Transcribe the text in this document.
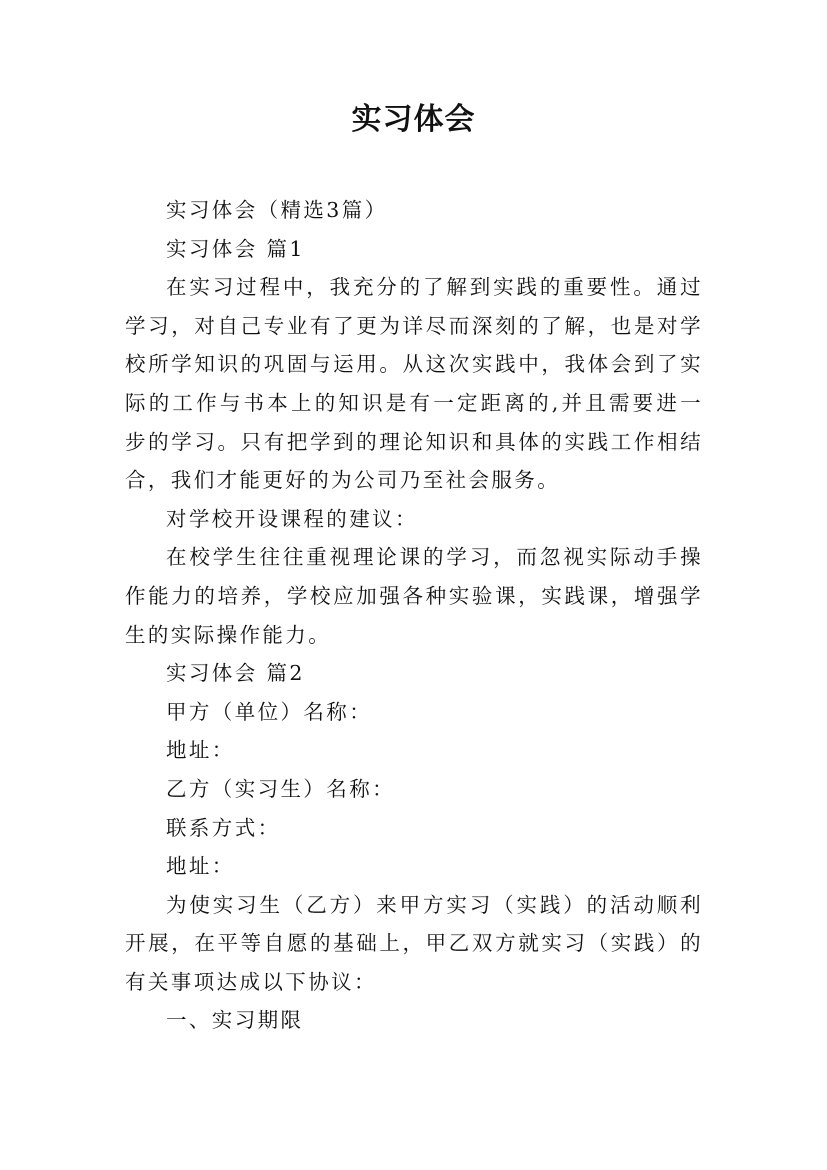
实习体会

实习体会（精选3篇）

实习体会 篇1

在实习过程中，我充分的了解到实践的重要性。通过学习，对自己专业有了更为详尽而深刻的了解，也是对学校所学知识的巩固与运用。从这次实践中，我体会到了实际的工作与书本上的知识是有一定距离的,并且需要进一步的学习。只有把学到的理论知识和具体的实践工作相结合，我们才能更好的为公司乃至社会服务。

对学校开设课程的建议：

在校学生往往重视理论课的学习，而忽视实际动手操作能力的培养，学校应加强各种实验课，实践课，增强学生的实际操作能力。

实习体会 篇2

甲方（单位）名称：

地址：

乙方（实习生）名称：

联系方式：

地址：

为使实习生（乙方）来甲方实习（实践）的活动顺利开展，在平等自愿的基础上，甲乙双方就实习（实践）的有关事项达成以下协议：

一、实习期限
